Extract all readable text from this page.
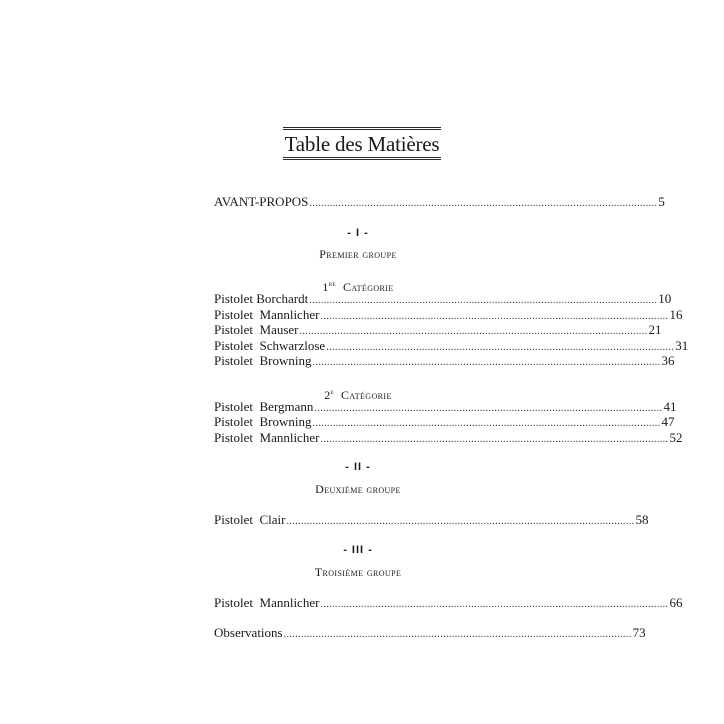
Table des Matières
AVANT-PROPOS ........................................................................................................................ 5
- I -
Premier groupe
1re Catégorie
Pistolet Borchardt ........................................................................................................................ 10
Pistolet  Mannlicher ........................................................................................................................ 16
Pistolet  Mauser ........................................................................................................................ 21
Pistolet  Schwarzlose ........................................................................................................................ 31
Pistolet  Browning ........................................................................................................................ 36
2e Catégorie
Pistolet  Bergmann ........................................................................................................................ 41
Pistolet  Browning ........................................................................................................................ 47
Pistolet  Mannlicher ........................................................................................................................ 52
- II -
Deuxième groupe
Pistolet  Clair ........................................................................................................................ 58
- III -
Troisième groupe
Pistolet  Mannlicher ........................................................................................................................ 66
Observations ........................................................................................................................ 73
